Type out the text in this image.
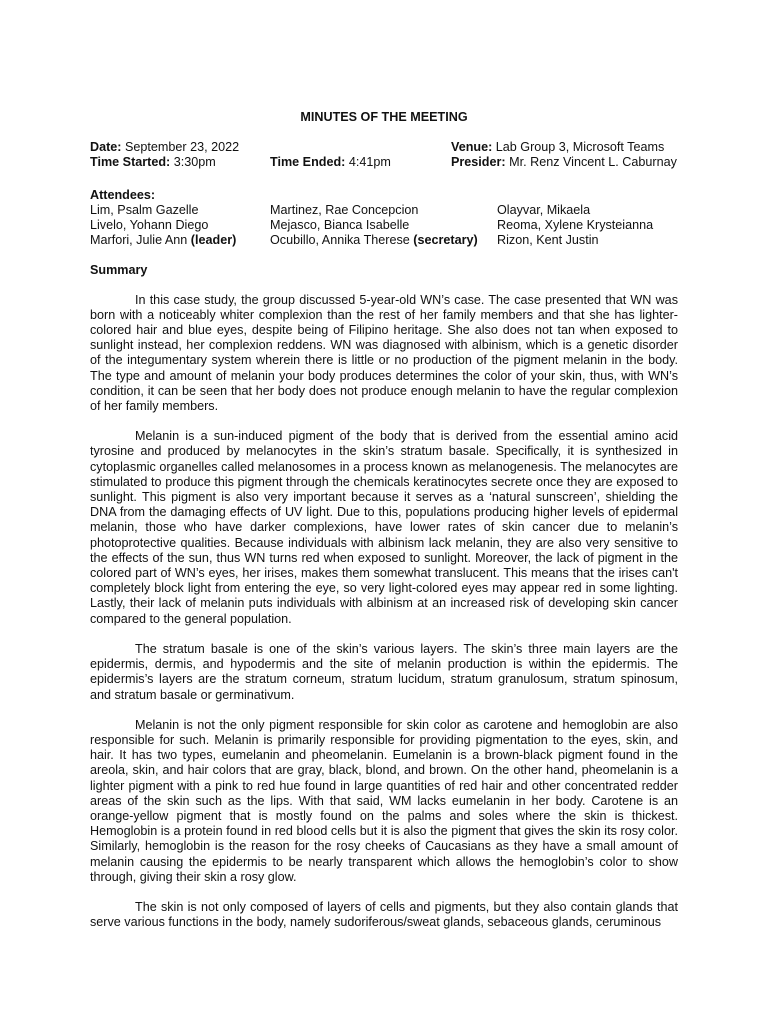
MINUTES OF THE MEETING
Date: September 23, 2022	Venue: Lab Group 3, Microsoft Teams
Time Started: 3:30pm	Time Ended: 4:41pm	Presider: Mr. Renz Vincent L. Caburnay
Attendees:
Lim, Psalm Gazelle	Martinez, Rae Concepcion	Olayvar, Mikaela
Livelo, Yohann Diego	Mejasco, Bianca Isabelle	Reoma, Xylene Krysteianna
Marfori, Julie Ann (leader)	Ocubillo, Annika Therese (secretary)	Rizon, Kent Justin
Summary

In this case study, the group discussed 5-year-old WN’s case. The case presented that WN was born with a noticeably whiter complexion than the rest of her family members and that she has lighter-colored hair and blue eyes, despite being of Filipino heritage. She also does not tan when exposed to sunlight instead, her complexion reddens. WN was diagnosed with albinism, which is a genetic disorder of the integumentary system wherein there is little or no production of the pigment melanin in the body. The type and amount of melanin your body produces determines the color of your skin, thus, with WN’s condition, it can be seen that her body does not produce enough melanin to have the regular complexion of her family members.

Melanin is a sun-induced pigment of the body that is derived from the essential amino acid tyrosine and produced by melanocytes in the skin’s stratum basale. Specifically, it is synthesized in cytoplasmic organelles called melanosomes in a process known as melanogenesis. The melanocytes are stimulated to produce this pigment through the chemicals keratinocytes secrete once they are exposed to sunlight. This pigment is also very important because it serves as a ‘natural sunscreen’, shielding the DNA from the damaging effects of UV light. Due to this, populations producing higher levels of epidermal melanin, those who have darker complexions, have lower rates of skin cancer due to melanin’s photoprotective qualities. Because individuals with albinism lack melanin, they are also very sensitive to the effects of the sun, thus WN turns red when exposed to sunlight. Moreover, the lack of pigment in the colored part of WN’s eyes, her irises, makes them somewhat translucent. This means that the irises can't completely block light from entering the eye, so very light-colored eyes may appear red in some lighting. Lastly, their lack of melanin puts individuals with albinism at an increased risk of developing skin cancer compared to the general population.

The stratum basale is one of the skin’s various layers. The skin’s three main layers are the epidermis, dermis, and hypodermis and the site of melanin production is within the epidermis. The epidermis’s layers are the stratum corneum, stratum lucidum, stratum granulosum, stratum spinosum, and stratum basale or germinativum.

Melanin is not the only pigment responsible for skin color as carotene and hemoglobin are also responsible for such. Melanin is primarily responsible for providing pigmentation to the eyes, skin, and hair. It has two types, eumelanin and pheomelanin. Eumelanin is a brown-black pigment found in the areola, skin, and hair colors that are gray, black, blond, and brown. On the other hand, pheomelanin is a lighter pigment with a pink to red hue found in large quantities of red hair and other concentrated redder areas of the skin such as the lips. With that said, WM lacks eumelanin in her body. Carotene is an orange-yellow pigment that is mostly found on the palms and soles where the skin is thickest. Hemoglobin is a protein found in red blood cells but it is also the pigment that gives the skin its rosy color. Similarly, hemoglobin is the reason for the rosy cheeks of Caucasians as they have a small amount of melanin causing the epidermis to be nearly transparent which allows the hemoglobin’s color to show through, giving their skin a rosy glow.

The skin is not only composed of layers of cells and pigments, but they also contain glands that serve various functions in the body, namely sudoriferous/sweat glands, sebaceous glands, ceruminous
